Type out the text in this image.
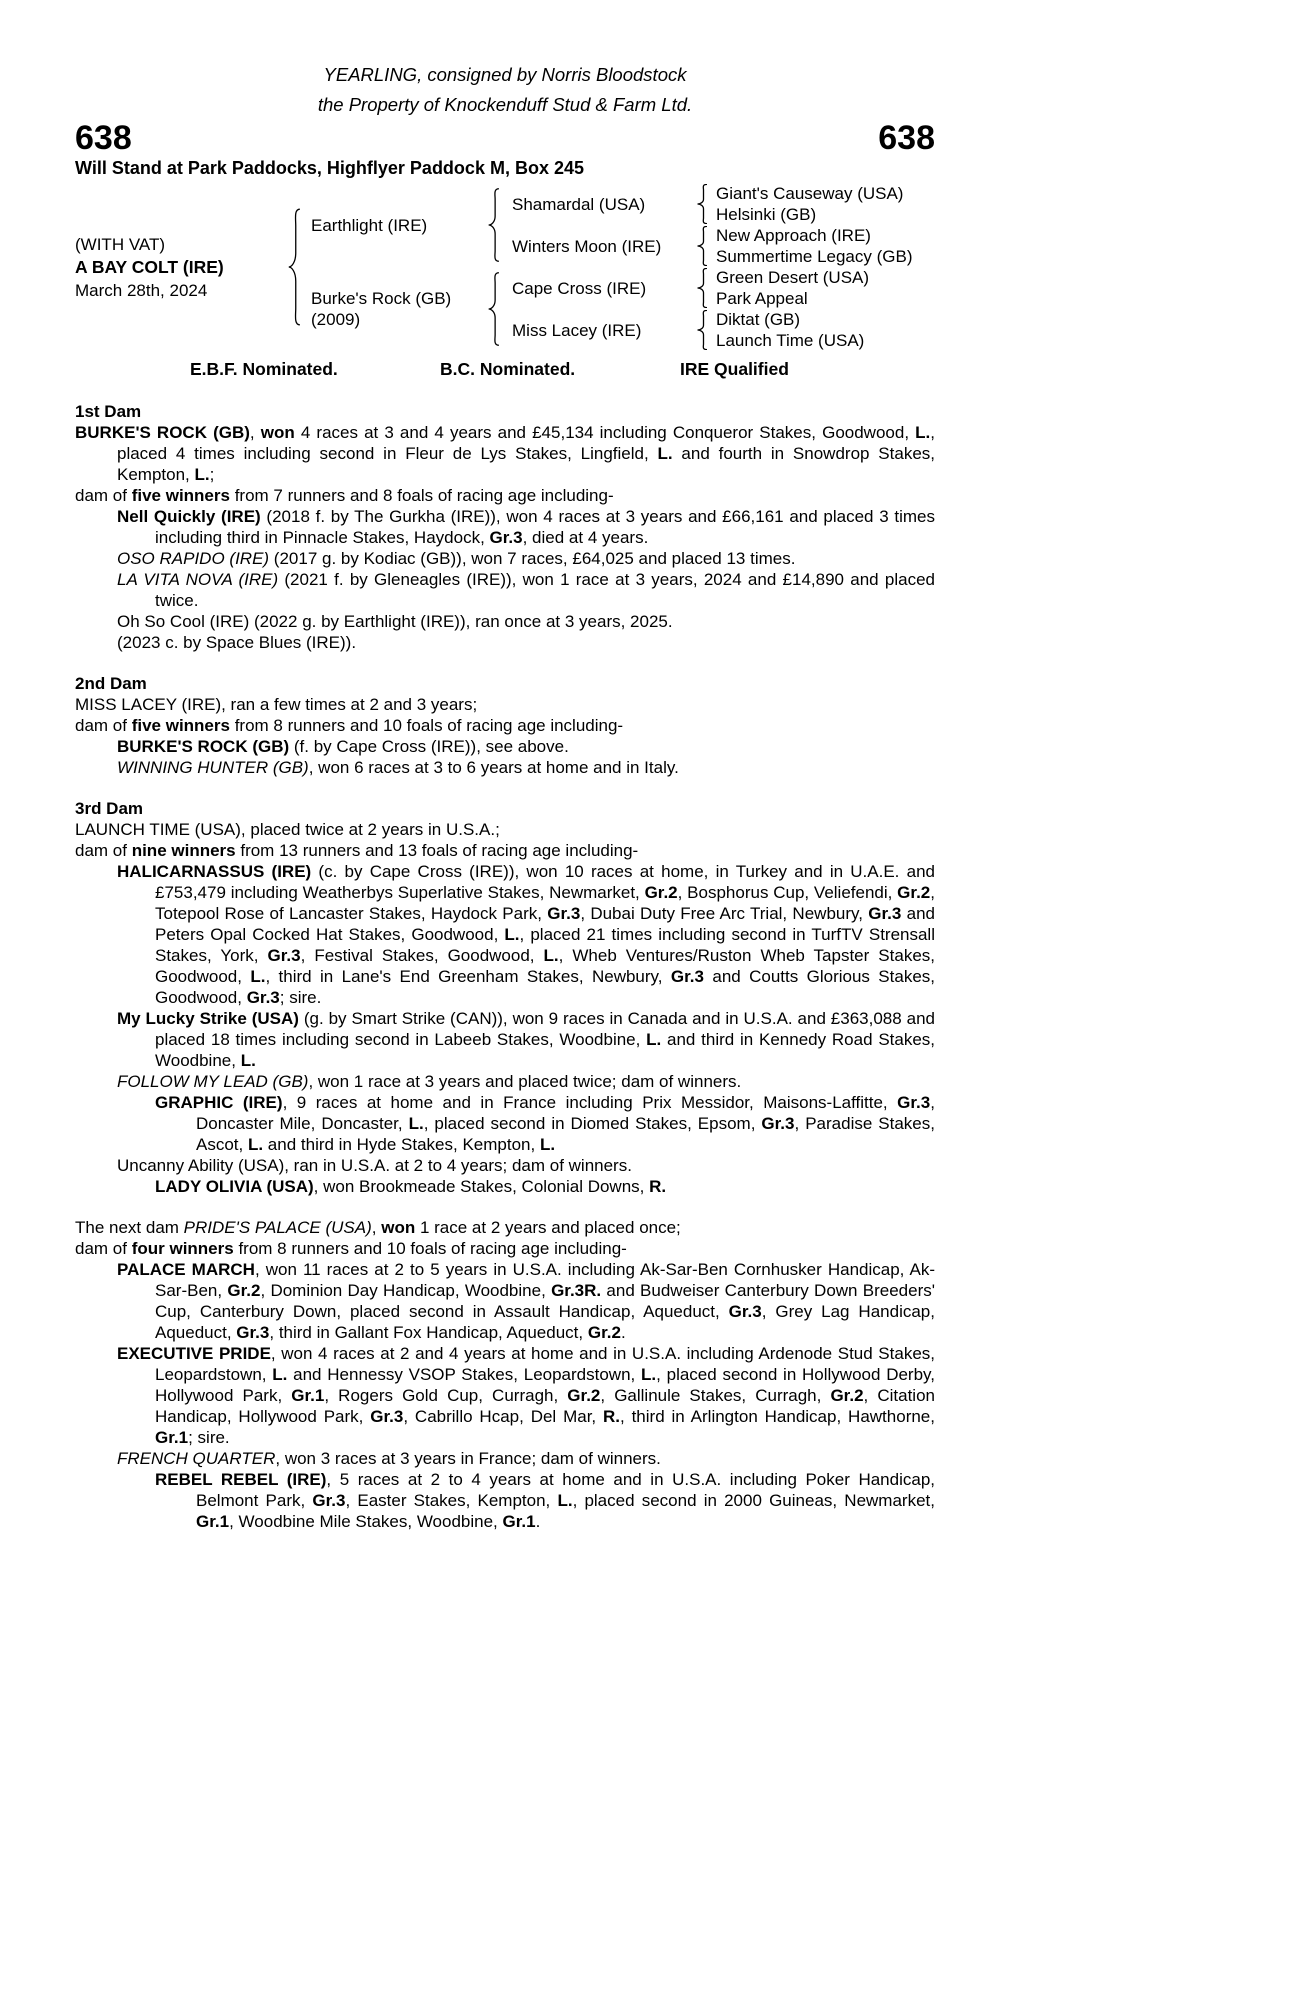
YEARLING, consigned by Norris Bloodstock
the Property of Knockenduff Stud & Farm Ltd.
638	638
Will Stand at Park Paddocks, Highflyer Paddock M, Box 245
(WITH VAT)
A BAY COLT (IRE)
March 28th, 2024
Earthlight (IRE)
Shamardal (USA)
Giant's Causeway (USA)
Helsinki (GB)
Winters Moon (IRE)
New Approach (IRE)
Summertime Legacy (GB)
Burke's Rock (GB)
(2009)
Cape Cross (IRE)
Green Desert (USA)
Park Appeal
Miss Lacey (IRE)
Diktat (GB)
Launch Time (USA)
E.B.F. Nominated.	B.C. Nominated.	IRE Qualified
1st Dam

BURKE'S ROCK (GB), won 4 races at 3 and 4 years and £45,134 including Conqueror Stakes, Goodwood, L., placed 4 times including second in Fleur de Lys Stakes, Lingfield, L. and fourth in Snowdrop Stakes, Kempton, L.;

dam of five winners from 7 runners and 8 foals of racing age including-

Nell Quickly (IRE) (2018 f. by The Gurkha (IRE)), won 4 races at 3 years and £66,161 and placed 3 times including third in Pinnacle Stakes, Haydock, Gr.3, died at 4 years.

OSO RAPIDO (IRE) (2017 g. by Kodiac (GB)), won 7 races, £64,025 and placed 13 times.

LA VITA NOVA (IRE) (2021 f. by Gleneagles (IRE)), won 1 race at 3 years, 2024 and £14,890 and placed twice.

Oh So Cool (IRE) (2022 g. by Earthlight (IRE)), ran once at 3 years, 2025.

(2023 c. by Space Blues (IRE)).

2nd Dam

MISS LACEY (IRE), ran a few times at 2 and 3 years;

dam of five winners from 8 runners and 10 foals of racing age including-

BURKE'S ROCK (GB) (f. by Cape Cross (IRE)), see above.

WINNING HUNTER (GB), won 6 races at 3 to 6 years at home and in Italy.

3rd Dam

LAUNCH TIME (USA), placed twice at 2 years in U.S.A.;

dam of nine winners from 13 runners and 13 foals of racing age including-

HALICARNASSUS (IRE) (c. by Cape Cross (IRE)), won 10 races at home, in Turkey and in U.A.E. and £753,479 including Weatherbys Superlative Stakes, Newmarket, Gr.2, Bosphorus Cup, Veliefendi, Gr.2, Totepool Rose of Lancaster Stakes, Haydock Park, Gr.3, Dubai Duty Free Arc Trial, Newbury, Gr.3 and Peters Opal Cocked Hat Stakes, Goodwood, L., placed 21 times including second in TurfTV Strensall Stakes, York, Gr.3, Festival Stakes, Goodwood, L., Wheb Ventures/Ruston Wheb Tapster Stakes, Goodwood, L., third in Lane's End Greenham Stakes, Newbury, Gr.3 and Coutts Glorious Stakes, Goodwood, Gr.3; sire.

My Lucky Strike (USA) (g. by Smart Strike (CAN)), won 9 races in Canada and in U.S.A. and £363,088 and placed 18 times including second in Labeeb Stakes, Woodbine, L. and third in Kennedy Road Stakes, Woodbine, L.

FOLLOW MY LEAD (GB), won 1 race at 3 years and placed twice; dam of winners.

GRAPHIC (IRE), 9 races at home and in France including Prix Messidor, Maisons-Laffitte, Gr.3, Doncaster Mile, Doncaster, L., placed second in Diomed Stakes, Epsom, Gr.3, Paradise Stakes, Ascot, L. and third in Hyde Stakes, Kempton, L.

Uncanny Ability (USA), ran in U.S.A. at 2 to 4 years; dam of winners.

LADY OLIVIA (USA), won Brookmeade Stakes, Colonial Downs, R.

The next dam PRIDE'S PALACE (USA), won 1 race at 2 years and placed once;

dam of four winners from 8 runners and 10 foals of racing age including-

PALACE MARCH, won 11 races at 2 to 5 years in U.S.A. including Ak-Sar-Ben Cornhusker Handicap, Ak-Sar-Ben, Gr.2, Dominion Day Handicap, Woodbine, Gr.3R. and Budweiser Canterbury Down Breeders' Cup, Canterbury Down, placed second in Assault Handicap, Aqueduct, Gr.3, Grey Lag Handicap, Aqueduct, Gr.3, third in Gallant Fox Handicap, Aqueduct, Gr.2.

EXECUTIVE PRIDE, won 4 races at 2 and 4 years at home and in U.S.A. including Ardenode Stud Stakes, Leopardstown, L. and Hennessy VSOP Stakes, Leopardstown, L., placed second in Hollywood Derby, Hollywood Park, Gr.1, Rogers Gold Cup, Curragh, Gr.2, Gallinule Stakes, Curragh, Gr.2, Citation Handicap, Hollywood Park, Gr.3, Cabrillo Hcap, Del Mar, R., third in Arlington Handicap, Hawthorne, Gr.1; sire.

FRENCH QUARTER, won 3 races at 3 years in France; dam of winners.

REBEL REBEL (IRE), 5 races at 2 to 4 years at home and in U.S.A. including Poker Handicap, Belmont Park, Gr.3, Easter Stakes, Kempton, L., placed second in 2000 Guineas, Newmarket, Gr.1, Woodbine Mile Stakes, Woodbine, Gr.1.
